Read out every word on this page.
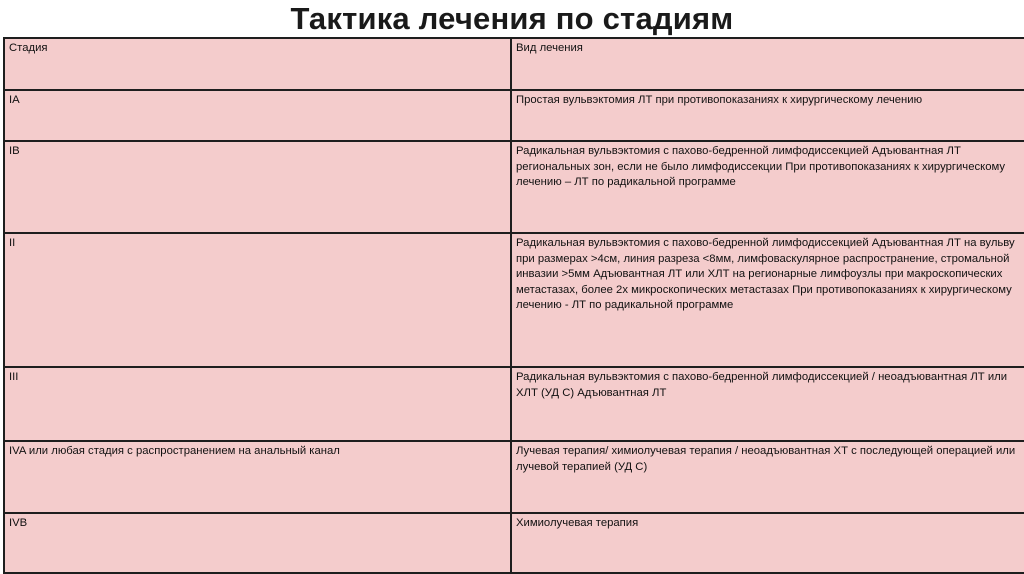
Тактика лечения по стадиям
Стадия	Вид лечения
IA	Простая вульвэктомия ЛТ при противопоказаниях к хирургическому лечению
IB	Радикальная вульвэктомия с пахово-бедренной лимфодиссекцией Адъювантная ЛТ региональных зон, если не было лимфодиссекции При противопоказаниях к хирургическому лечению – ЛТ по радикальной программе
II	Радикальная вульвэктомия с пахово-бедренной лимфодиссекцией Адъювантная ЛТ на вульву при размерах >4см, линия разреза <8мм, лимфоваскулярное распространение, стромальной инвазии >5мм Адъювантная ЛТ или ХЛТ на регионарные лимфоузлы при макроскопических метастазах, более 2х микроскопических метастазах При противопоказаниях к хирургическому лечению - ЛТ по радикальной программе
III	Радикальная вульвэктомия с пахово-бедренной лимфодиссекцией / неоадъювантная ЛТ или ХЛТ (УД С) Адъювантная ЛТ
IVA или любая стадия с распространением на анальный канал	Лучевая терапия/ химиолучевая терапия / неоадъювантная ХТ с последующей операцией или лучевой терапией (УД С)
IVB	Химиолучевая терапия
